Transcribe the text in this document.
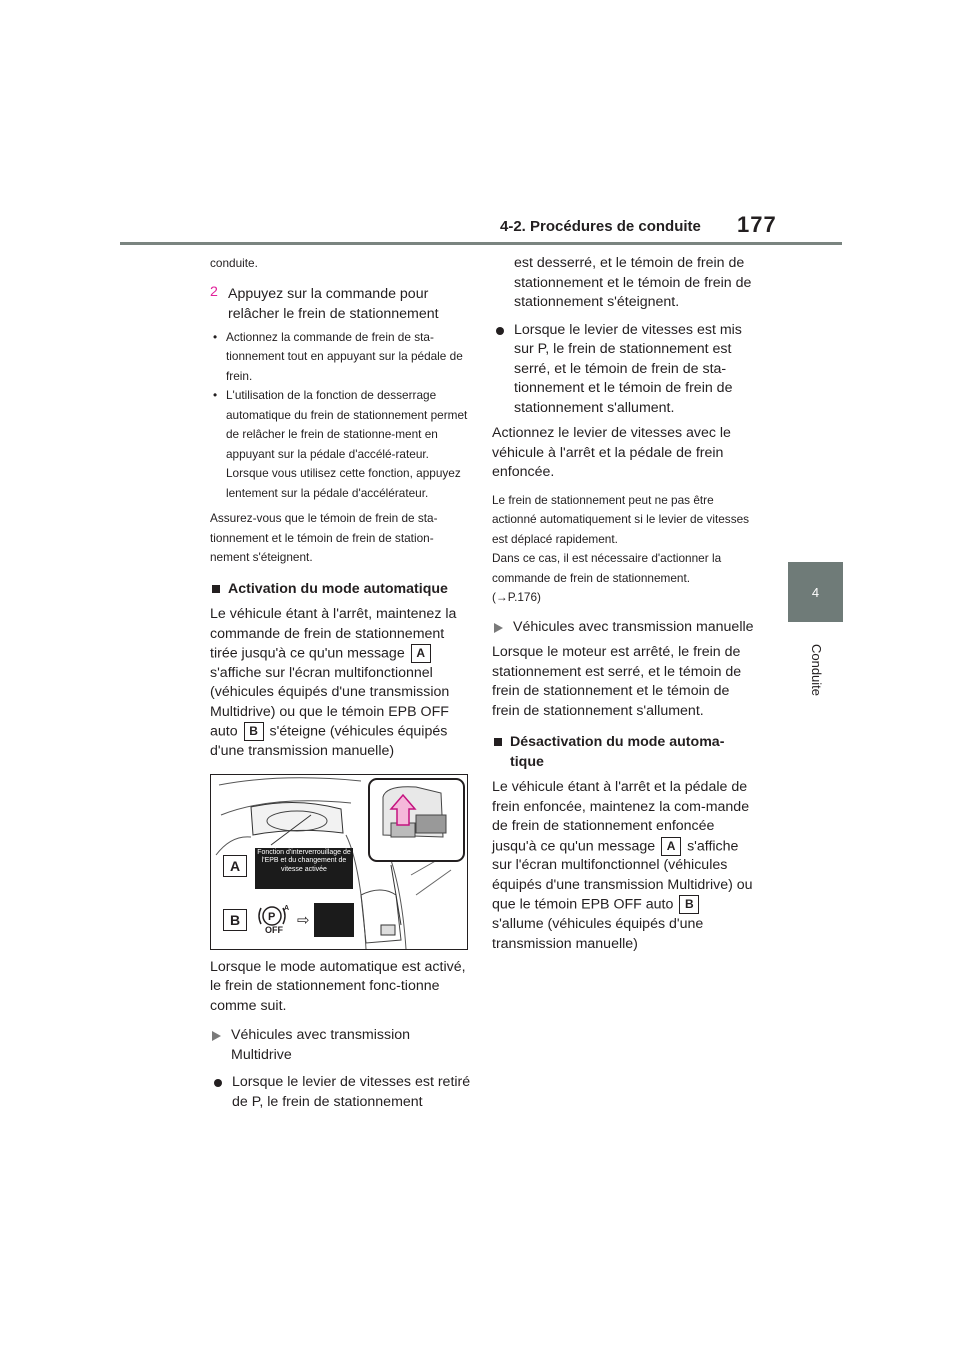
4-2. Procédures de conduite 177
4
Conduite

conduite.

2 Appuyez sur la commande pour relâcher le frein de stationnement
• Actionnez la commande de frein de sta-tionnement tout en appuyant sur la pédale de frein.
• L'utilisation de la fonction de desserrage automatique du frein de stationnement permet de relâcher le frein de stationne-ment en appuyant sur la pédale d'accélé-rateur. Lorsque vous utilisez cette fonction, appuyez lentement sur la pédale d'accélérateur.

Assurez-vous que le témoin de frein de sta-tionnement et le témoin de frein de station-nement s'éteignent.

Activation du mode automatique

Le véhicule étant à l'arrêt, maintenez la commande de frein de stationnement tirée jusqu'à ce qu'un message A s'affiche sur l'écran multifonctionnel (véhicules équipés d'une transmission Multidrive) ou que le témoin EPB OFF auto B s'éteigne (véhicules équipés d'une transmission manuelle)

A
Fonction d'interverrouillage de l'EPB et du changement de vitesse activée
B	P
A
OFF
⇨

Lorsque le mode automatique est activé, le frein de stationnement fonc-tionne comme suit.

Véhicules avec transmission Multidrive
Lorsque le levier de vitesses est retiré de P, le frein de stationnement

est desserré, et le témoin de frein de stationnement et le témoin de frein de stationnement s'éteignent.

Lorsque le levier de vitesses est mis sur P, le frein de stationnement est serré, et le témoin de frein de sta-tionnement et le témoin de frein de stationnement s'allument.

Actionnez le levier de vitesses avec le véhicule à l'arrêt et la pédale de frein enfoncée.

Le frein de stationnement peut ne pas être actionné automatiquement si le levier de vitesses est déplacé rapidement.

Dans ce cas, il est nécessaire d'actionner la commande de frein de stationnement.

(→P.176)

Véhicules avec transmission manuelle

Lorsque le moteur est arrêté, le frein de stationnement est serré, et le témoin de frein de stationnement et le témoin de frein de stationnement s'allument.

Désactivation du mode automa-tique

Le véhicule étant à l'arrêt et la pédale de frein enfoncée, maintenez la com-mande de frein de stationnement enfoncée jusqu'à ce qu'un message A s'affiche sur l'écran multifonctionnel (véhicules équipés d'une transmission Multidrive) ou que le témoin EPB OFF auto B s'allume (véhicules équipés d'une transmission manuelle)
